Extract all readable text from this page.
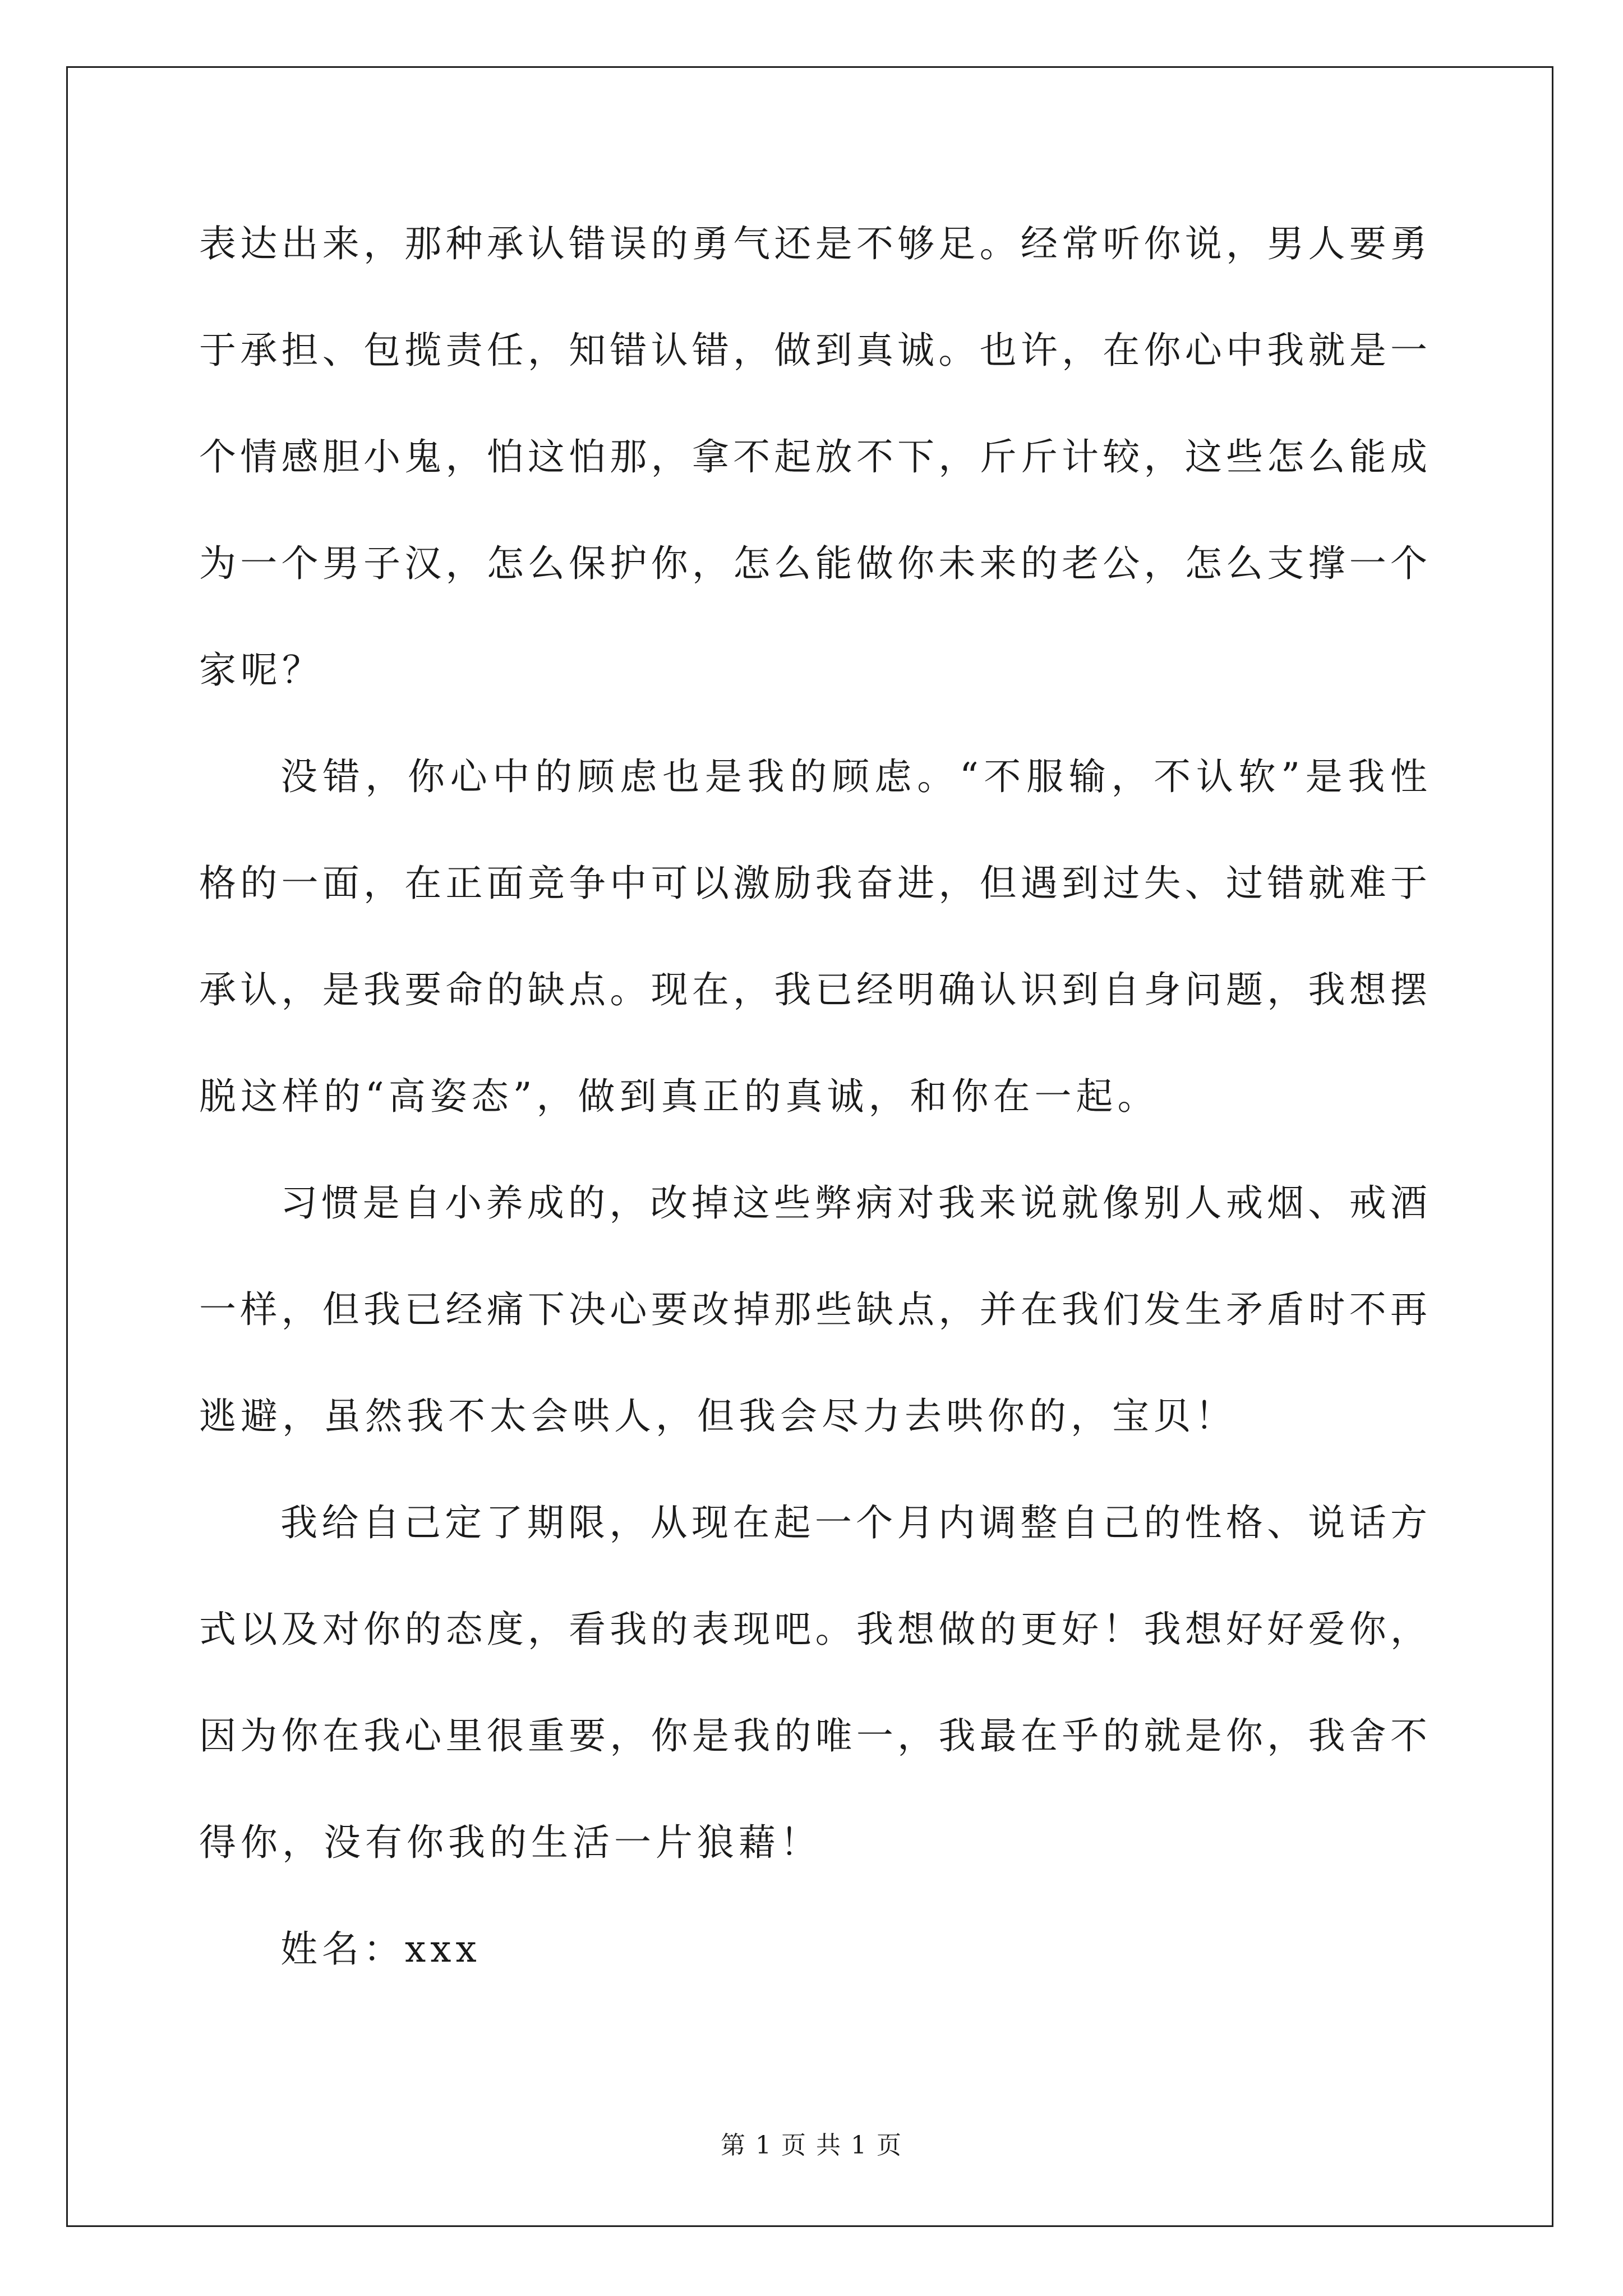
表达出来，那种承认错误的勇气还是不够足。经常听你说，男人要勇
于承担、包揽责任，知错认错，做到真诚。也许，在你心中我就是一
个情感胆小鬼，怕这怕那，拿不起放不下，斤斤计较，这些怎么能成
为一个男子汉，怎么保护你，怎么能做你未来的老公，怎么支撑一个
家呢？
没错，你心中的顾虑也是我的顾虑。“不服输，不认软”是我性
格的一面，在正面竞争中可以激励我奋进，但遇到过失、过错就难于
承认，是我要命的缺点。现在，我已经明确认识到自身问题，我想摆
脱这样的“高姿态”，做到真正的真诚，和你在一起。
习惯是自小养成的，改掉这些弊病对我来说就像别人戒烟、戒酒
一样，但我已经痛下决心要改掉那些缺点，并在我们发生矛盾时不再
逃避，虽然我不太会哄人，但我会尽力去哄你的，宝贝！
我给自己定了期限，从现在起一个月内调整自己的性格、说话方
式以及对你的态度，看我的表现吧。我想做的更好！我想好好爱你，
因为你在我心里很重要，你是我的唯一，我最在乎的就是你，我舍不
得你，没有你我的生活一片狼藉！
姓名：xxx
第 1 页 共 1 页
